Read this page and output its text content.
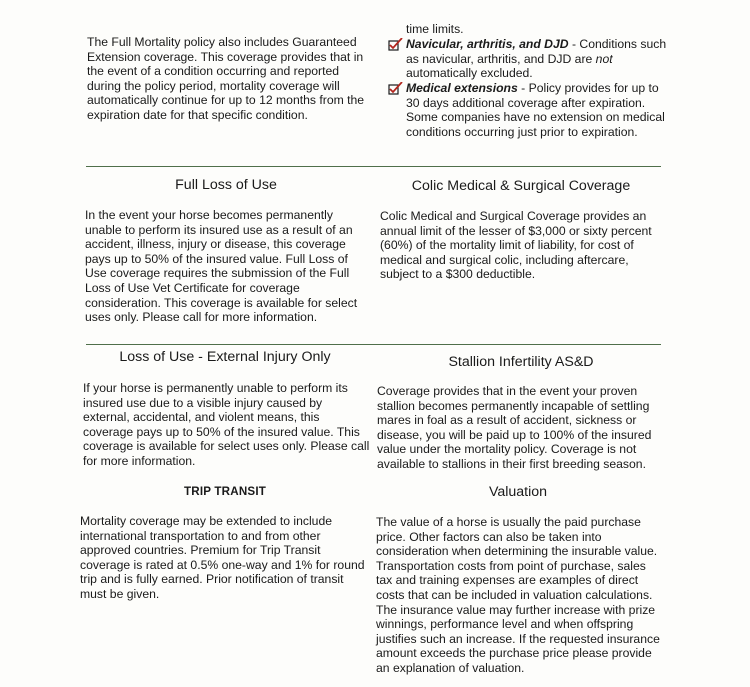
The Full Mortality policy also includes Guaranteed Extension coverage. This coverage provides that in the event of a condition occurring and reported during the policy period, mortality coverage will automatically continue for up to 12 months from the expiration date for that specific condition.

time limits.

Navicular, arthritis, and DJD - Conditions such as navicular, arthritis, and DJD are not automatically excluded.

Medical extensions - Policy provides for up to 30 days additional coverage after expiration. Some companies have no extension on medical conditions occurring just prior to expiration.

Full Loss of Use

In the event your horse becomes permanently unable to perform its insured use as a result of an accident, illness, injury or disease, this coverage pays up to 50% of the insured value. Full Loss of Use coverage requires the submission of the Full Loss of Use Vet Certificate for coverage consideration. This coverage is available for select uses only. Please call for more information.

Colic Medical & Surgical Coverage

Colic Medical and Surgical Coverage provides an annual limit of the lesser of $3,000 or sixty percent (60%) of the mortality limit of liability, for cost of medical and surgical colic, including aftercare, subject to a $300 deductible.

Loss of Use - External Injury Only

If your horse is permanently unable to perform its insured use due to a visible injury caused by external, accidental, and violent means, this coverage pays up to 50% of the insured value. This coverage is available for select uses only. Please call for more information.

Stallion Infertility AS&D

Coverage provides that in the event your proven stallion becomes permanently incapable of settling mares in foal as a result of accident, sickness or disease, you will be paid up to 100% of the insured value under the mortality policy. Coverage is not available to stallions in their first breeding season.

TRIP TRANSIT

Mortality coverage may be extended to include international transportation to and from other approved countries. Premium for Trip Transit coverage is rated at 0.5% one-way and 1% for round trip and is fully earned. Prior notification of transit must be given.

Valuation

The value of a horse is usually the paid purchase price. Other factors can also be taken into consideration when determining the insurable value. Transportation costs from point of purchase, sales tax and training expenses are examples of direct costs that can be included in valuation calculations. The insurance value may further increase with prize winnings, performance level and when offspring justifies such an increase. If the requested insurance amount exceeds the purchase price please provide an explanation of valuation.
